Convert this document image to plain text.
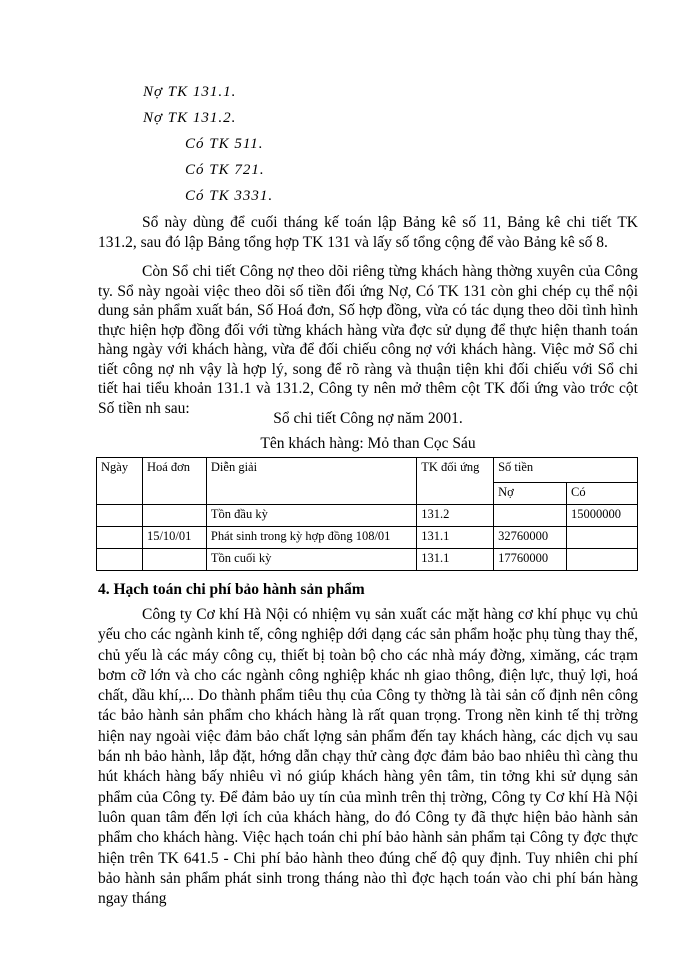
Nợ TK 131.1.
Nợ TK 131.2.
Có TK 511.
Có TK 721.
Có TK 3331.
Sổ này dùng để cuối tháng kế toán lập Bảng kê số 11, Bảng kê chi tiết TK 131.2, sau đó lập Bảng tổng hợp TK 131 và lấy số tổng cộng để vào Bảng kê số 8.
Còn Sổ chi tiết Công nợ theo dõi riêng từng khách hàng thờng xuyên của Công ty. Sổ này ngoài việc theo dõi số tiền đối ứng Nợ, Có TK 131 còn ghi chép cụ thể nội dung sản phẩm xuất bán, Số Hoá đơn, Số hợp đồng, vừa có tác dụng theo dõi tình hình thực hiện hợp đồng đối với từng khách hàng vừa đợc sử dụng để thực hiện thanh toán hàng ngày với khách hàng, vừa để đối chiếu công nợ với khách hàng. Việc mở Sổ chi tiết công nợ nh vậy là hợp lý, song để rõ ràng và thuận tiện khi đối chiếu với Sổ chi tiết hai tiểu khoản 131.1 và 131.2, Công ty nên mở thêm cột TK đối ứng vào trớc cột Số tiền nh sau:
Sổ chi tiết Công nợ năm 2001.
Tên khách hàng: Mỏ than Cọc Sáu
Ngày	Hoá đơn	Diễn giải	TK đối ứng	Số tiền	
				Nợ	Có
		Tồn đầu kỳ	131.2		15000000
	15/10/01	Phát sinh trong kỳ hợp đồng 108/01	131.1	32760000	
		Tồn cuối kỳ	131.1	17760000	
4. Hạch toán chi phí bảo hành sản phẩm
Công ty Cơ khí Hà Nội có nhiệm vụ sản xuất các mặt hàng cơ khí phục vụ chủ yếu cho các ngành kinh tế, công nghiệp dới dạng các sản phẩm hoặc phụ tùng thay thế, chủ yếu là các máy công cụ, thiết bị toàn bộ cho các nhà máy đờng, ximăng, các trạm bơm cỡ lớn và cho các ngành công nghiệp khác nh giao thông, điện lực, thuỷ lợi, hoá chất, dầu khí,... Do thành phẩm tiêu thụ của Công ty thờng là tài sản cố định nên công tác bảo hành sản phẩm cho khách hàng là rất quan trọng. Trong nền kinh tế thị trờng hiện nay ngoài việc đảm bảo chất lợng sản phẩm đến tay khách hàng, các dịch vụ sau bán nh bảo hành, lắp đặt, hớng dẫn chạy thử càng đợc đảm bảo bao nhiêu thì càng thu hút khách hàng bấy nhiêu vì nó giúp khách hàng yên tâm, tin tởng khi sử dụng sản phẩm của Công ty. Để đảm bảo uy tín của mình trên thị trờng, Công ty Cơ khí Hà Nội luôn quan tâm đến lợi ích của khách hàng, do đó Công ty đã thực hiện bảo hành sản phẩm cho khách hàng. Việc hạch toán chi phí bảo hành sản phẩm tại Công ty đợc thực hiện trên TK 641.5 - Chi phí bảo hành theo đúng chế độ quy định. Tuy nhiên chi phí bảo hành sản phẩm phát sinh trong tháng nào thì đợc hạch toán vào chi phí bán hàng ngay tháng
